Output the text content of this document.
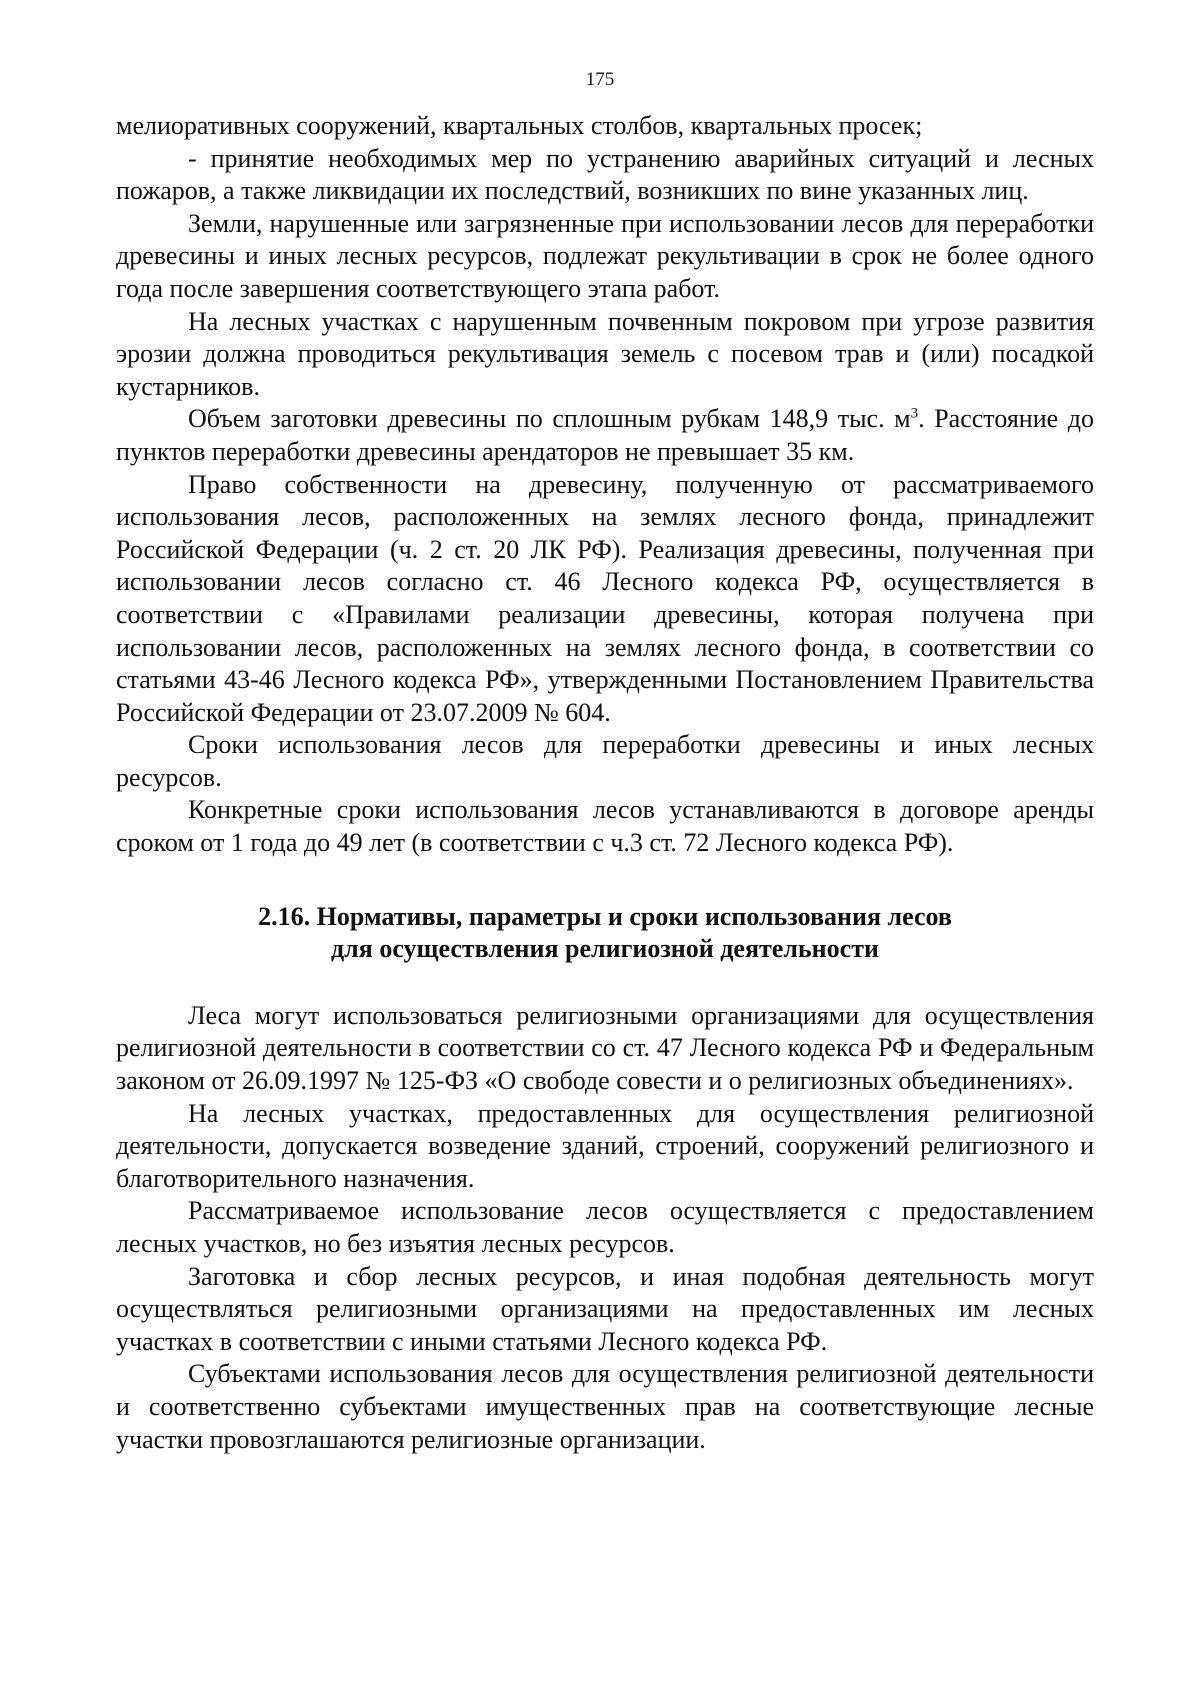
175

мелиоративных сооружений, квартальных столбов, квартальных просек;

- принятие необходимых мер по устранению аварийных ситуаций и лесных пожаров, а также ликвидации их последствий, возникших по вине указанных лиц.

Земли, нарушенные или загрязненные при использовании лесов для переработки древесины и иных лесных ресурсов, подлежат рекультивации в срок не более одного года после завершения соответствующего этапа работ.

На лесных участках с нарушенным почвенным покровом при угрозе развития эрозии должна проводиться рекультивация земель с посевом трав и (или) посадкой кустарников.

Объем заготовки древесины по сплошным рубкам 148,9 тыс. $м^3$. Расстояние до пунктов переработки древесины арендаторов не превышает 35 км.

Право собственности на древесину, полученную от рассматриваемого использования лесов, расположенных на землях лесного фонда, принадлежит Российской Федерации (ч. 2 ст. 20 ЛК РФ). Реализация древесины, полученная при использовании лесов согласно ст. 46 Лесного кодекса РФ, осуществляется в соответствии с «Правилами реализации древесины, которая получена при использовании лесов, расположенных на землях лесного фонда, в соответствии со статьями 43-46 Лесного кодекса РФ», утвержденными Постановлением Правительства Российской Федерации от 23.07.2009 № 604.

Сроки использования лесов для переработки древесины и иных лесных ресурсов.

Конкретные сроки использования лесов устанавливаются в договоре аренды сроком от 1 года до 49 лет (в соответствии с ч.3 ст. 72 Лесного кодекса РФ).

2.16. Нормативы, параметры и сроки использования лесов
для осуществления религиозной деятельности

Леса могут использоваться религиозными организациями для осуществления религиозной деятельности в соответствии со ст. 47 Лесного кодекса РФ и Федеральным законом от 26.09.1997 № 125-ФЗ «О свободе совести и о религиозных объединениях».

На лесных участках, предоставленных для осуществления религиозной деятельности, допускается возведение зданий, строений, сооружений религиозного и благотворительного назначения.

Рассматриваемое использование лесов осуществляется с предоставлением лесных участков, но без изъятия лесных ресурсов.

Заготовка и сбор лесных ресурсов, и иная подобная деятельность могут осуществляться религиозными организациями на предоставленных им лесных участках в соответствии с иными статьями Лесного кодекса РФ.

Субъектами использования лесов для осуществления религиозной деятельности и соответственно субъектами имущественных прав на соответствующие лесные участки провозглашаются религиозные организации.
